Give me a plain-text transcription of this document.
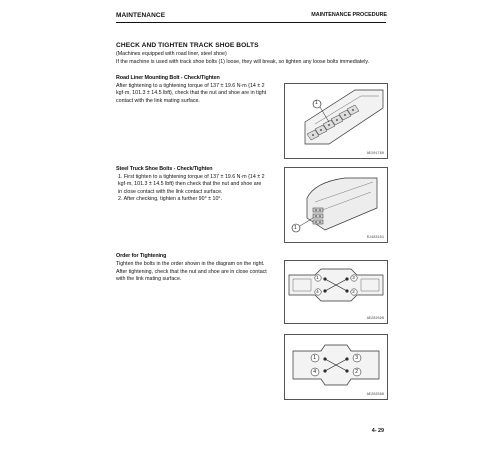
MAINTENANCE	MAINTENANCE PROCEDURE
CHECK AND TIGHTEN TRACK SHOE BOLTS
(Machines equipped with road liner, steel shoe)
If the machine is used with track shoe bolts (1) loose, they will break, so tighten any loose bolts immediately.
Road Liner Mounting Bolt - Check/Tighten
After tightening to a tightening torque of 137 ± 19.6 N·m {14 ± 2
kgf·m, 101.3 ± 14.5 lbft}, check that the nut and shoe are in tight
contact with the link mating surface.	1
AE201760
Steel Truck Shoe Bolts - Check/Tighten
1. First tighten to a tightening torque of 137 ± 19.6 N·m {14 ± 2
kgf·m, 101.3 ± 14.5 lbft} then check that the nut and shoe are
in close contact with the link contact surface.
2. After checking, tighten a further 90° ± 10°.
1
RJ483101
Order for Tightening
Tighten the bolts in the order shown in the diagram on the right.
After tightening, check that the nut and shoe are in close contact
with the link mating surface.	1
2
3
4
AE202590
1
2
3
4
AE202580
4- 29
